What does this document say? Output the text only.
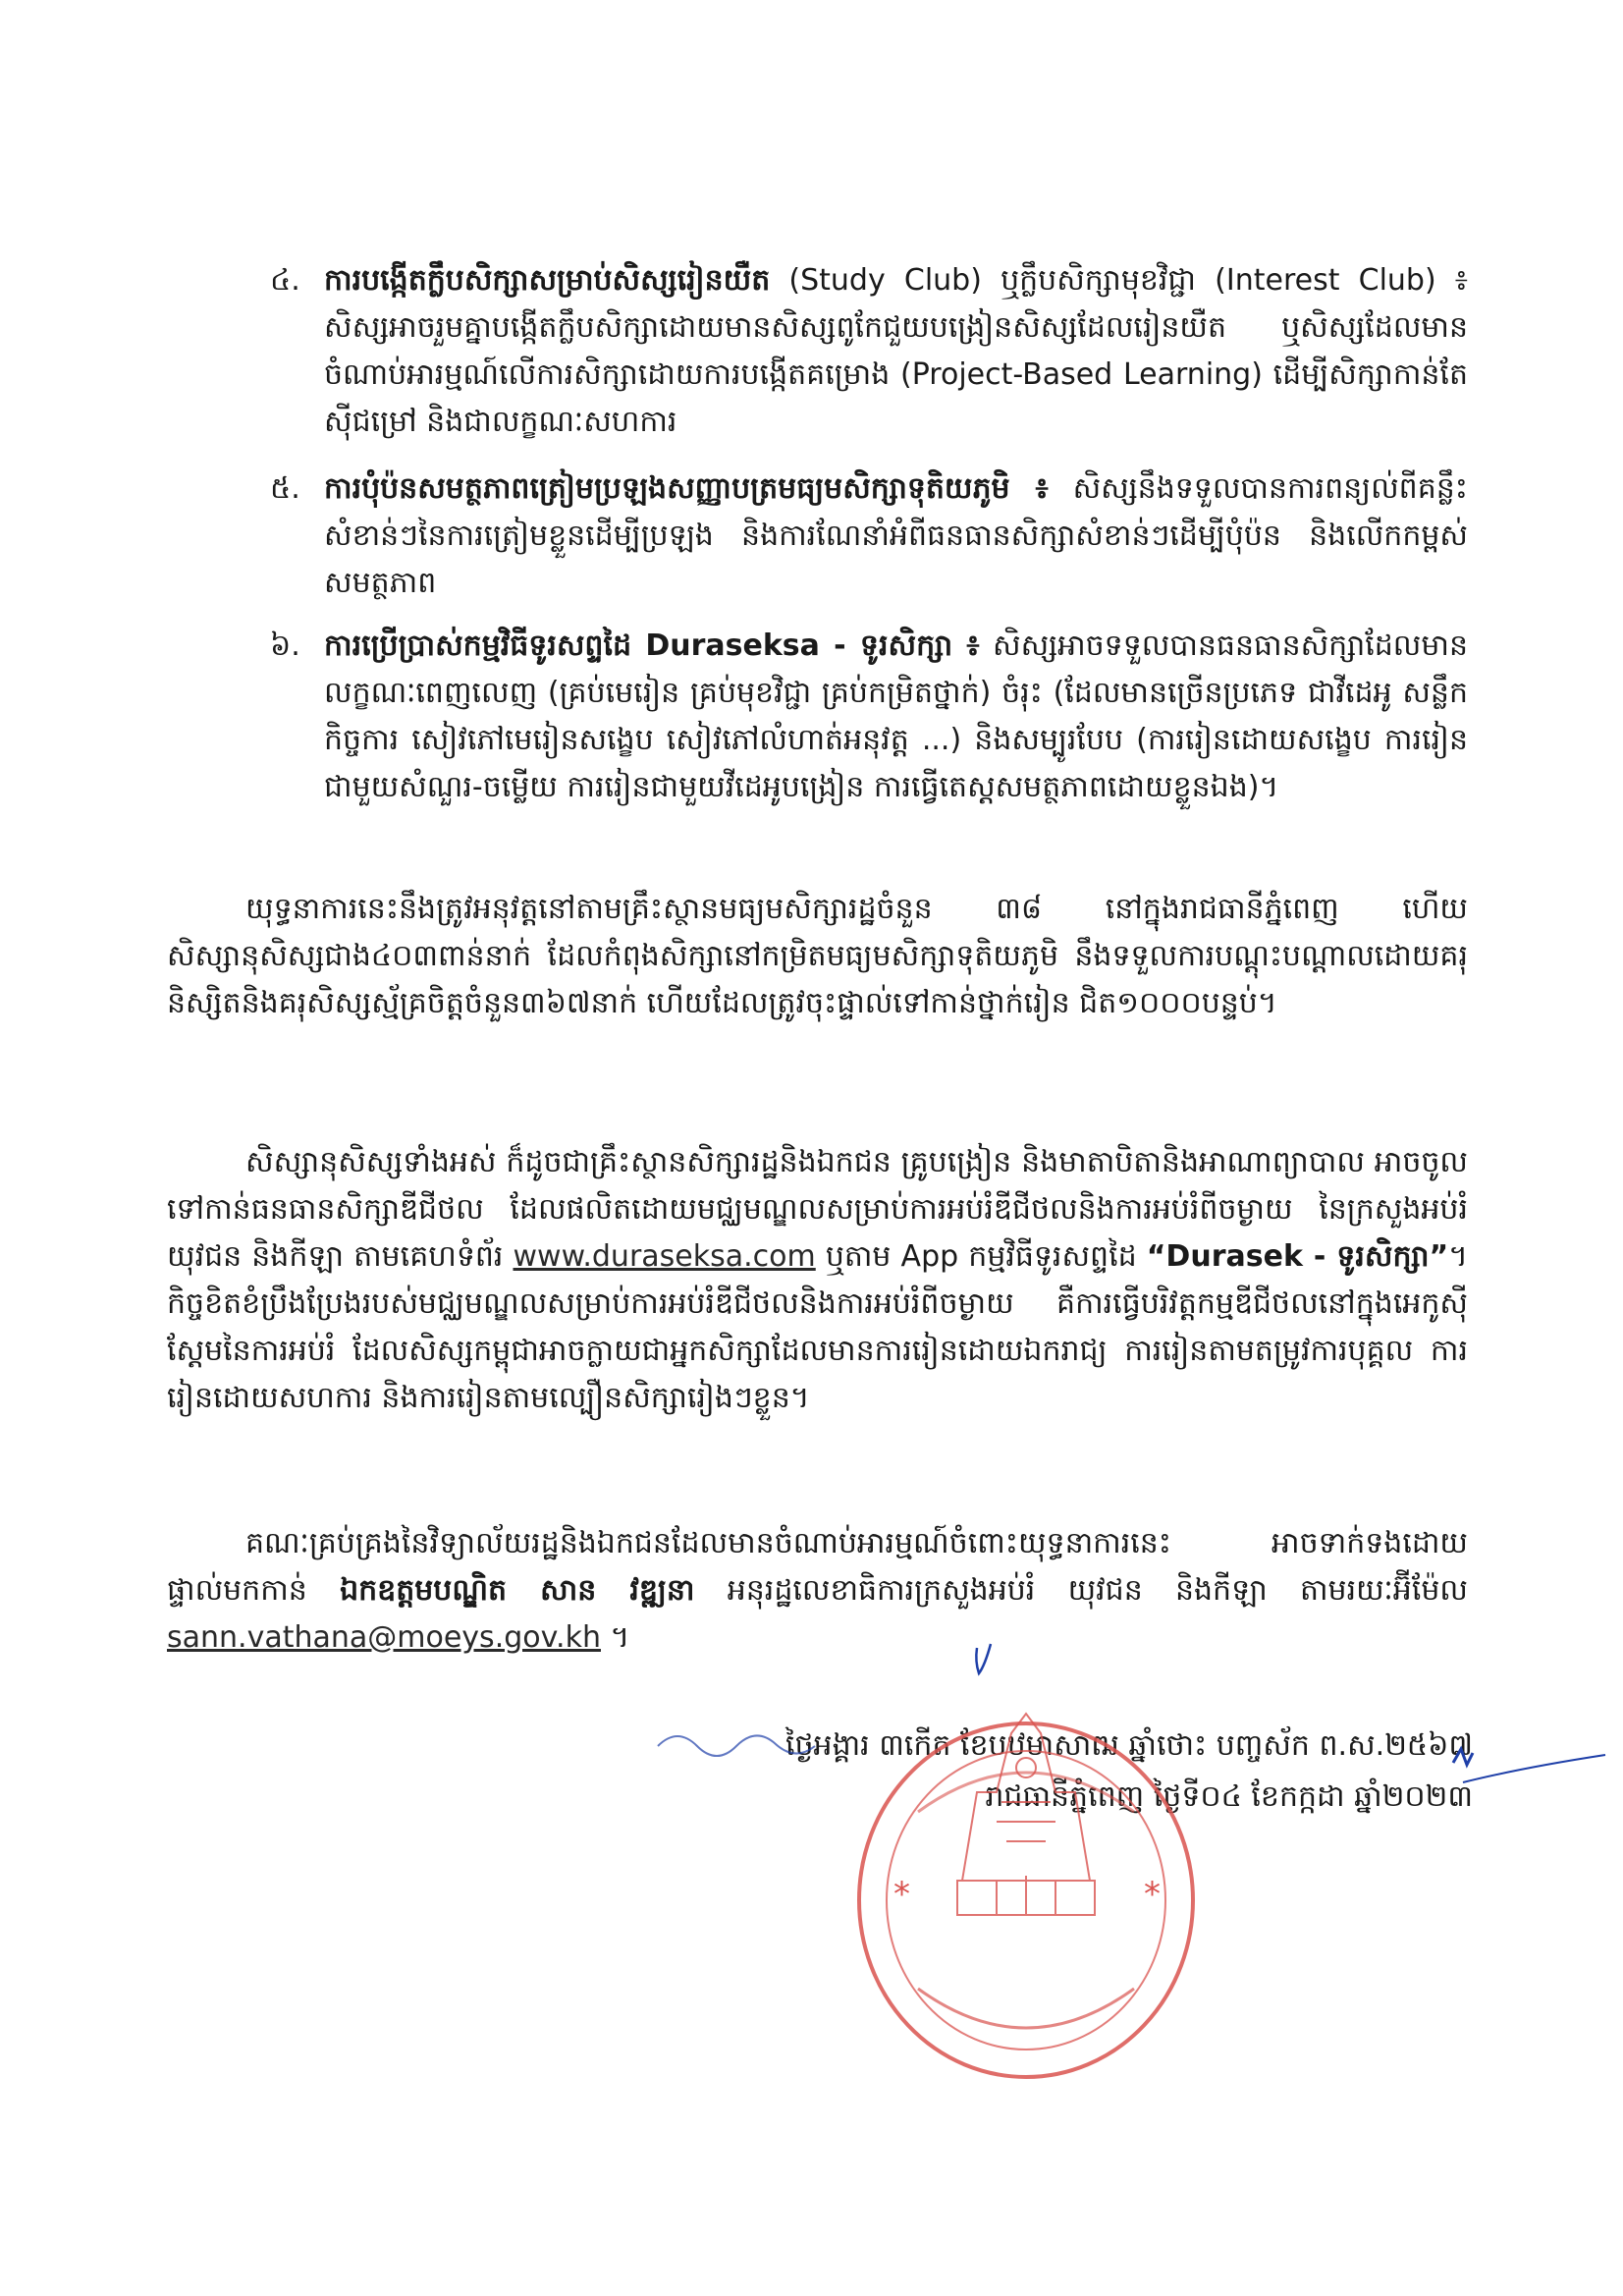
៤. ការបង្កើតក្លឹបសិក្សាសម្រាប់សិស្សរៀនយឺត (Study Club) ឬក្លឹបសិក្សាមុខវិជ្ជា (Interest Club) ៖ សិស្សអាចរួមគ្នាបង្កើតក្លឹបសិក្សាដោយមានសិស្សពូកែជួយបង្រៀនសិស្សដែលរៀនយឺត ឬសិស្សដែលមានចំណាប់អារម្មណ៍លើការសិក្សាដោយការបង្កើតគម្រោង (Project-Based Learning) ដើម្បីសិក្សាកាន់តែស៊ីជម្រៅ និងជាលក្ខណៈសហការ
៥. ការប៉ំប៉នសមត្ថភាពត្រៀមប្រឡងសញ្ញាបត្រមធ្យមសិក្សាទុតិយភូមិ ៖ សិស្សនឹងទទួលបានការពន្យល់ពីគន្លឹះសំខាន់ៗនៃការត្រៀមខ្លួនដើម្បីប្រឡង និងការណែនាំអំពីធនធានសិក្សាសំខាន់ៗដើម្បីប៉ំប៉ន និងលើកកម្ពស់សមត្ថភាព
៦. ការប្រើប្រាស់កម្មវិធីទូរសព្ទដៃ Duraseksa - ទូរសិក្សា ៖ សិស្សអាចទទួលបានធនធានសិក្សាដែលមានលក្ខណៈពេញលេញ (គ្រប់មេរៀន គ្រប់មុខវិជ្ជា គ្រប់កម្រិតថ្នាក់) ចំរុះ (ដែលមានច្រើនប្រភេទ ជាវីដេអូ សន្លឹកកិច្ចការ សៀវភៅមេរៀនសង្ខេប សៀវភៅលំហាត់អនុវត្ត ...) និងសម្បូរបែប (ការរៀនដោយសង្ខេប ការរៀនជាមួយសំណួរ-ចម្លើយ ការរៀនជាមួយវីដេអូបង្រៀន ការធ្វើតេស្តសមត្ថភាពដោយខ្លួនឯង)។

យុទ្ធនាការនេះនឹងត្រូវអនុវត្តនៅតាមគ្រឹះស្ថានមធ្យមសិក្សារដ្ឋចំនួន ៣៨ នៅក្នុងរាជធានីភ្នំពេញ ហើយ សិស្សានុសិស្សជាង៤០៣ពាន់នាក់ ដែលកំពុងសិក្សានៅកម្រិតមធ្យមសិក្សាទុតិយភូមិ នឹងទទួលការបណ្តុះបណ្តាលដោយគរុនិស្សិតនិងគរុសិស្សស្ម័គ្រចិត្តចំនួន៣៦៧នាក់ ហើយដែលត្រូវចុះផ្ទាល់ទៅកាន់ថ្នាក់រៀន ជិត១០០០បន្ទប់។

សិស្សានុសិស្សទាំងអស់ ក៏ដូចជាគ្រឹះស្ថានសិក្សារដ្ឋនិងឯកជន គ្រូបង្រៀន និងមាតាបិតានិងអាណាព្យាបាល អាចចូលទៅកាន់ធនធានសិក្សាឌីជីថល ដែលផលិតដោយមជ្ឈមណ្ឌលសម្រាប់ការអប់រំឌីជីថលនិងការអប់រំពីចម្ងាយ នៃក្រសួងអប់រំ យុវជន និងកីឡា តាមគេហទំព័រ www.duraseksa.com ឬតាម App កម្មវិធីទូរសព្ទដៃ “Durasek - ទូរសិក្សា”។ កិច្ចខិតខំប្រឹងប្រែងរបស់មជ្ឈមណ្ឌលសម្រាប់ការអប់រំឌីជីថលនិងការអប់រំពីចម្ងាយ គឺការធ្វើបរិវត្តកម្មឌីជីថលនៅក្នុងអេកូស៊ីស្តែមនៃការអប់រំ ដែលសិស្សកម្ពុជាអាចក្លាយជាអ្នកសិក្សាដែលមានការរៀនដោយឯករាជ្យ ការរៀនតាមតម្រូវការបុគ្គល ការរៀនដោយសហការ និងការរៀនតាមល្បឿនសិក្សារៀងៗខ្លួន។

គណៈគ្រប់គ្រងនៃវិទ្យាល័យរដ្ឋនិងឯកជនដែលមានចំណាប់អារម្មណ៍ចំពោះយុទ្ធនាការនេះ អាចទាក់ទងដោយផ្ទាល់មកកាន់ ឯកឧត្តមបណ្ឌិត សាន វឌ្ឍនា អនុរដ្ឋលេខាធិការក្រសួងអប់រំ យុវជន និងកីឡា តាមរយៈអ៊ីម៉ែល sann.vathana@moeys.gov.kh ។

ថ្ងៃអង្គារ ៣កើត ខែបឋមាសាឍ ឆ្នាំថោះ បញ្ចស័ក ព.ស.២៥៦៧
រាជធានីភ្នំពេញ ថ្ងៃទី០៤ ខែកក្កដា ឆ្នាំ២០២៣
*	*
